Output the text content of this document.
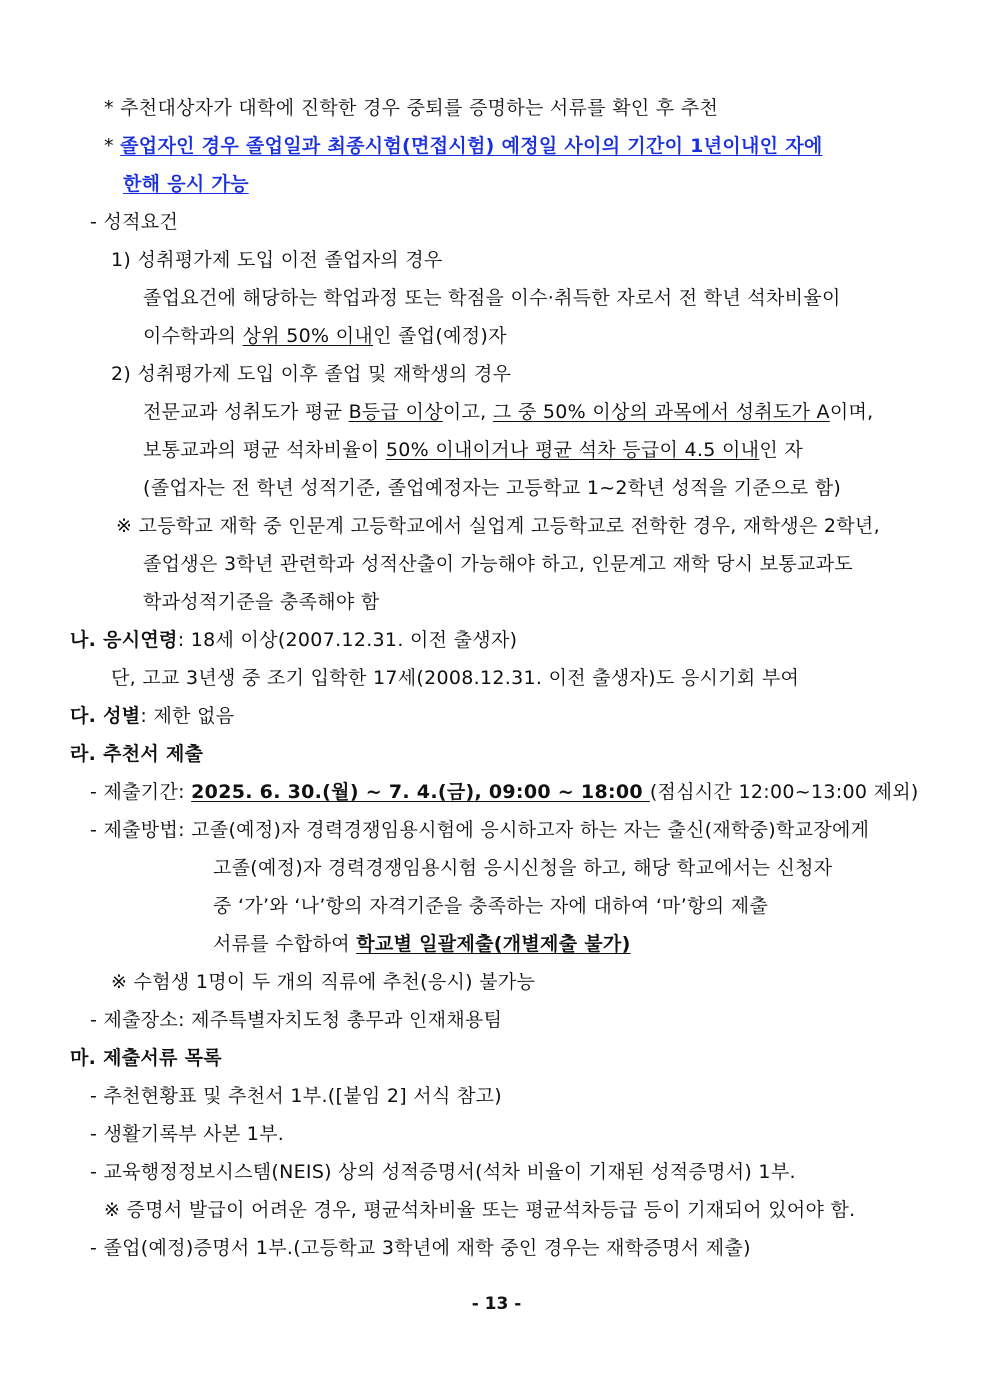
* 추천대상자가 대학에 진학한 경우 중퇴를 증명하는 서류를 확인 후 추천
* 졸업자인 경우 졸업일과 최종시험(면접시험) 예정일 사이의 기간이 1년이내인 자에
한해 응시 가능
- 성적요건
1) 성취평가제 도입 이전 졸업자의 경우
졸업요건에 해당하는 학업과정 또는 학점을 이수·취득한 자로서 전 학년 석차비율이
이수학과의 상위 50% 이내인 졸업(예정)자
2) 성취평가제 도입 이후 졸업 및 재학생의 경우
전문교과 성취도가 평균 B등급 이상이고, 그 중 50% 이상의 과목에서 성취도가 A이며,
보통교과의 평균 석차비율이 50% 이내이거나 평균 석차 등급이 4.5 이내인 자
(졸업자는 전 학년 성적기준, 졸업예정자는 고등학교 1~2학년 성적을 기준으로 함)
※ 고등학교 재학 중 인문계 고등학교에서 실업계 고등학교로 전학한 경우, 재학생은 2학년,
졸업생은 3학년 관련학과 성적산출이 가능해야 하고, 인문계고 재학 당시 보통교과도
학과성적기준을 충족해야 함
나. 응시연령: 18세 이상(2007.12.31. 이전 출생자)
단, 고교 3년생 중 조기 입학한 17세(2008.12.31. 이전 출생자)도 응시기회 부여
다. 성별: 제한 없음
라. 추천서 제출
- 제출기간: 2025. 6. 30.(월) ~ 7. 4.(금), 09:00 ~ 18:00 (점심시간 12:00~13:00 제외)
- 제출방법: 고졸(예정)자 경력경쟁임용시험에 응시하고자 하는 자는 출신(재학중)학교장에게
고졸(예정)자 경력경쟁임용시험 응시신청을 하고, 해당 학교에서는 신청자
중 ‘가’와 ‘나’항의 자격기준을 충족하는 자에 대하여 ‘마’항의 제출
서류를 수합하여 학교별 일괄제출(개별제출 불가)
※ 수험생 1명이 두 개의 직류에 추천(응시) 불가능
- 제출장소: 제주특별자치도청 총무과 인재채용팀
마. 제출서류 목록
- 추천현황표 및 추천서 1부.([붙임 2] 서식 참고)
- 생활기록부 사본 1부.
- 교육행정정보시스템(NEIS) 상의 성적증명서(석차 비율이 기재된 성적증명서) 1부.
※ 증명서 발급이 어려운 경우, 평균석차비율 또는 평균석차등급 등이 기재되어 있어야 함.
- 졸업(예정)증명서 1부.(고등학교 3학년에 재학 중인 경우는 재학증명서 제출)
- 13 -
